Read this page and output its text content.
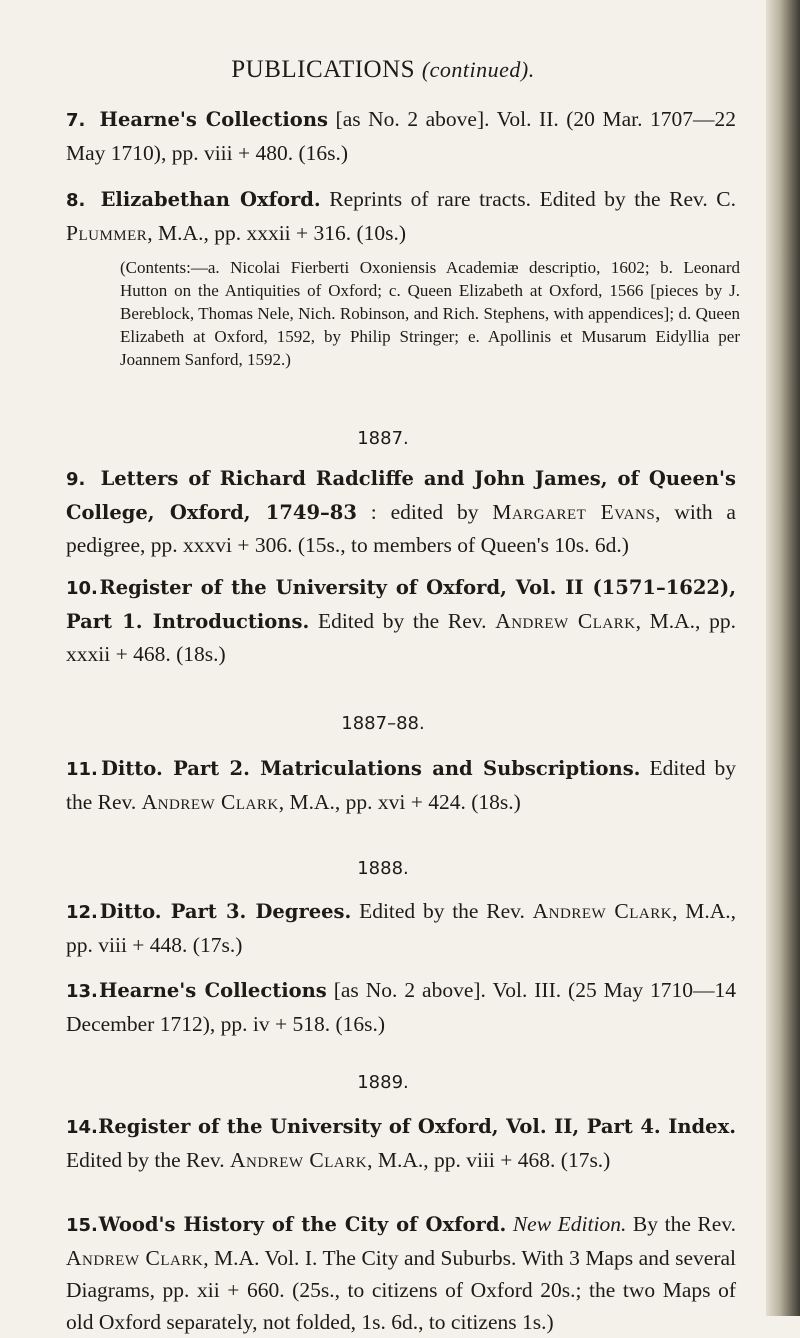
PUBLICATIONS (continued).
7. Hearne's Collections [as No. 2 above]. Vol. II. (20 Mar. 1707—22 May 1710), pp. viii + 480. (16s.)
8. Elizabethan Oxford. Reprints of rare tracts. Edited by the Rev. C. Plummer, M.A., pp. xxxii + 316. (10s.)
(Contents:—a. Nicolai Fierberti Oxoniensis Academiæ descriptio, 1602; b. Leonard Hutton on the Antiquities of Oxford; c. Queen Elizabeth at Oxford, 1566 [pieces by J. Bereblock, Thomas Nele, Nich. Robinson, and Rich. Stephens, with appendices]; d. Queen Elizabeth at Oxford, 1592, by Philip Stringer; e. Apollinis et Musarum Eidyllia per Joannem Sanford, 1592.)
1887.
9. Letters of Richard Radcliffe and John James, of Queen's College, Oxford, 1749–83 : edited by Margaret Evans, with a pedigree, pp. xxxvi + 306. (15s., to members of Queen's 10s. 6d.)
10. Register of the University of Oxford, Vol. II (1571–1622), Part 1. Introductions. Edited by the Rev. Andrew Clark, M.A., pp. xxxii + 468. (18s.)
1887–88.
11. Ditto. Part 2. Matriculations and Subscriptions. Edited by the Rev. Andrew Clark, M.A., pp. xvi + 424. (18s.)
1888.
12. Ditto. Part 3. Degrees. Edited by the Rev. Andrew Clark, M.A., pp. viii + 448. (17s.)
13. Hearne's Collections [as No. 2 above]. Vol. III. (25 May 1710—14 December 1712), pp. iv + 518. (16s.)
1889.
14. Register of the University of Oxford, Vol. II, Part 4. Index. Edited by the Rev. Andrew Clark, M.A., pp. viii + 468. (17s.)
15. Wood's History of the City of Oxford. New Edition. By the Rev. Andrew Clark, M.A. Vol. I. The City and Suburbs. With 3 Maps and several Diagrams, pp. xii + 660. (25s., to citizens of Oxford 20s.; the two Maps of old Oxford separately, not folded, 1s. 6d., to citizens 1s.)
